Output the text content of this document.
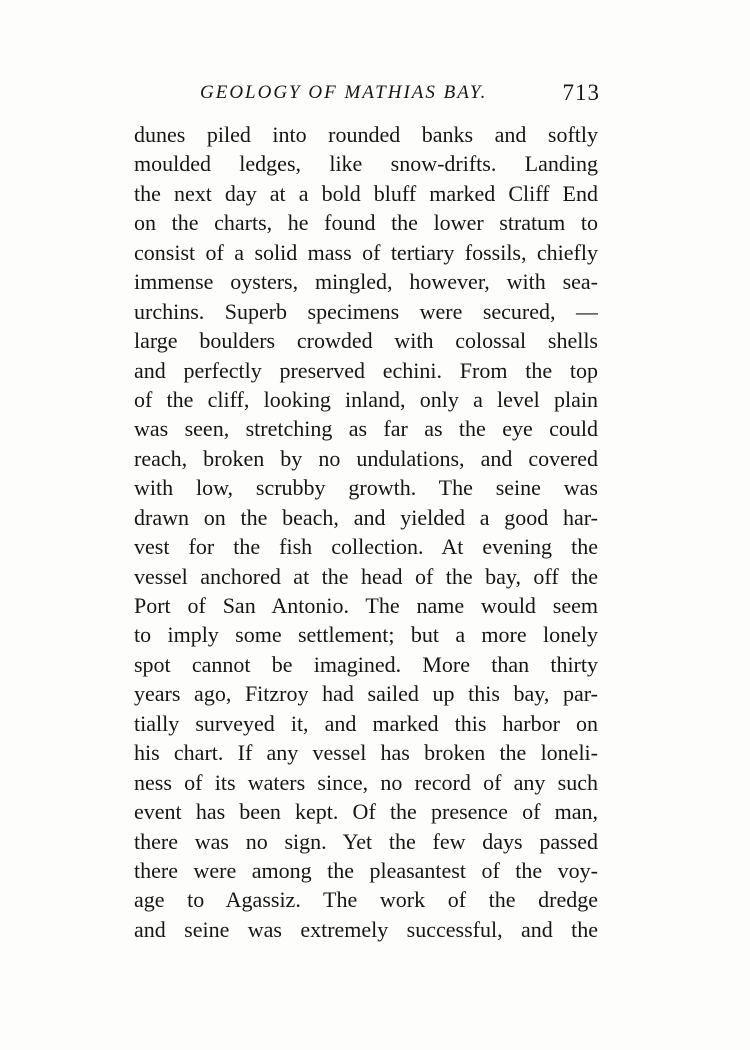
GEOLOGY OF MATHIAS BAY.	713
dunes piled into rounded banks and softly
moulded ledges, like snow-drifts. Landing
the next day at a bold bluff marked Cliff End
on the charts, he found the lower stratum to
consist of a solid mass of tertiary fossils, chiefly
immense oysters, mingled, however, with sea-
urchins. Superb specimens were secured, —
large boulders crowded with colossal shells
and perfectly preserved echini. From the top
of the cliff, looking inland, only a level plain
was seen, stretching as far as the eye could
reach, broken by no undulations, and covered
with low, scrubby growth. The seine was
drawn on the beach, and yielded a good har-
vest for the fish collection. At evening the
vessel anchored at the head of the bay, off the
Port of San Antonio. The name would seem
to imply some settlement; but a more lonely
spot cannot be imagined. More than thirty
years ago, Fitzroy had sailed up this bay, par-
tially surveyed it, and marked this harbor on
his chart. If any vessel has broken the loneli-
ness of its waters since, no record of any such
event has been kept. Of the presence of man,
there was no sign. Yet the few days passed
there were among the pleasantest of the voy-
age to Agassiz. The work of the dredge
and seine was extremely successful, and the
